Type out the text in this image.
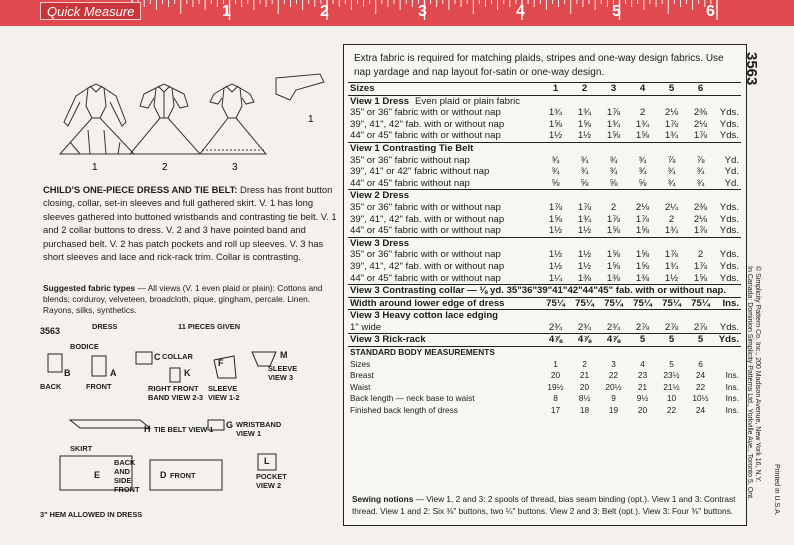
Quick Measure	1	2	3	4	5	6
1	2	3
1
CHILD'S ONE-PIECE DRESS AND TIE BELT: Dress has front button closing, collar, set-in sleeves and full gathered skirt. V. 1 has long sleeves gathered into buttoned wristbands and contrasting tie belt. V. 1 and 2 collar buttons to dress. V. 2 and 3 have pointed band and purchased belt. V. 2 has patch pockets and roll up sleeves. V. 3 has short sleeves and lace and rick-rack trim. Collar is contrasting.
Suggested fabric types — All views (V. 1 even plaid or plain): Cottons and blends; corduroy, velveteen, broadcloth, pique, gingham, percale. Linen. Rayons, silks, synthetics.
3563	DRESS	11 PIECES GIVEN
BODICE
B	A
C
K
F
M
BACK	FRONT
COLLAR
RIGHT FRONT BAND VIEW 2-3
SLEEVE VIEW 1-2
SLEEVE VIEW 3
H TIE BELT VIEW 1 G WRISTBAND VIEW 1
SKIRT
E
BACK AND SIDE FRONT
D FRONT
L
POCKET VIEW 2
3" HEM ALLOWED IN DRESS
Extra fabric is required for matching plaids, stripes and one-way design fabrics. Use nap yardage and nap layout for-satin or one-way design.
Sizes	1	2	3	4	5	6	
View 1 Dress Even plaid or plain fabric							
35" or 36" fabric with or without nap	1¾	1¾	1⅞	2	2⅛	2⅜	Yds.
39", 41", 42" fab. with or without nap	1⅝	1⅝	1¾	1¾	1⅞	2⅛	Yds.
44" or 45" fabric with or without nap	1½	1½	1⅝	1⅝	1¾	1⅞	Yds.
View 1 Contrasting Tie Belt							
35" or 36" fabric without nap	¾	¾	¾	¾	⅞	⅞	Yd.
39", 41" or 42" fabric without nap	¾	¾	¾	¾	¾	¾	Yd.
44" or 45" fabric without nap	⅝	⅝	⅝	⅝	¾	¾	Yd.
View 2 Dress							
35" or 36" fabric with or without nap	1⅞	1⅞	2	2⅛	2¼	2⅜	Yds.
39", 41", 42" fab. with or without nap	1⅝	1¾	1⅞	1⅞	2	2⅛	Yds.
44" or 45" fabric with or without nap	1½	1½	1⅝	1⅝	1¾	1⅞	Yds.
View 3 Dress							
35" or 36" fabric with or without nap	1½	1½	1⅝	1⅝	1⅞	2	Yds.
39", 41", 42" fab. with or without nap	1½	1½	1⅝	1⅝	1¾	1⅞	Yds.
44" or 45" fabric with or without nap	1¼	1⅜	1⅜	1⅜	1½	1⅝	Yds.
View 3 Contrasting collar — ⅛ yd. 35"36"39"41"42"44"45" fab. with or without nap.							
Width around lower edge of dress	75¼	75¼	75¼	75¼	75¼	75¼	Ins.
View 3 Heavy cotton lace edging							
1" wide	2¾	2¾	2¾	2⅞	2⅞	2⅞	Yds.
View 3 Rick-rack	4⅞	4⅞	4⅞	5	5	5	Yds.
STANDARD BODY MEASUREMENTS							
Sizes	1	2	3	4	5	6	
Breast	20	21	22	23	23½	24	Ins.
Waist	19½	20	20½	21	21½	22	Ins.
Back length — neck base to waist	8	8½	9	9½	10	10½	Ins.
Finished back length of dress	17	18	19	20	22	24	Ins.
Sewing notions — View 1, 2 and 3: 2 spools of thread, bias seam binding (opt.). View 1 and 3: Contrast thread. View 1 and 2: Six ⅜" buttons, two ¼" buttons. View 2 and 3: Belt (opt.). View 3: Four ⅜" buttons.
3563
© Simplicity Pattern Co. Inc., 200 Madison Avenue, New York 16, N.Y.
In Canada: Dominion Simplicity Patterns Ltd., Yorkville Ave., Toronto 5, Ont.	Printed in U.S.A.
